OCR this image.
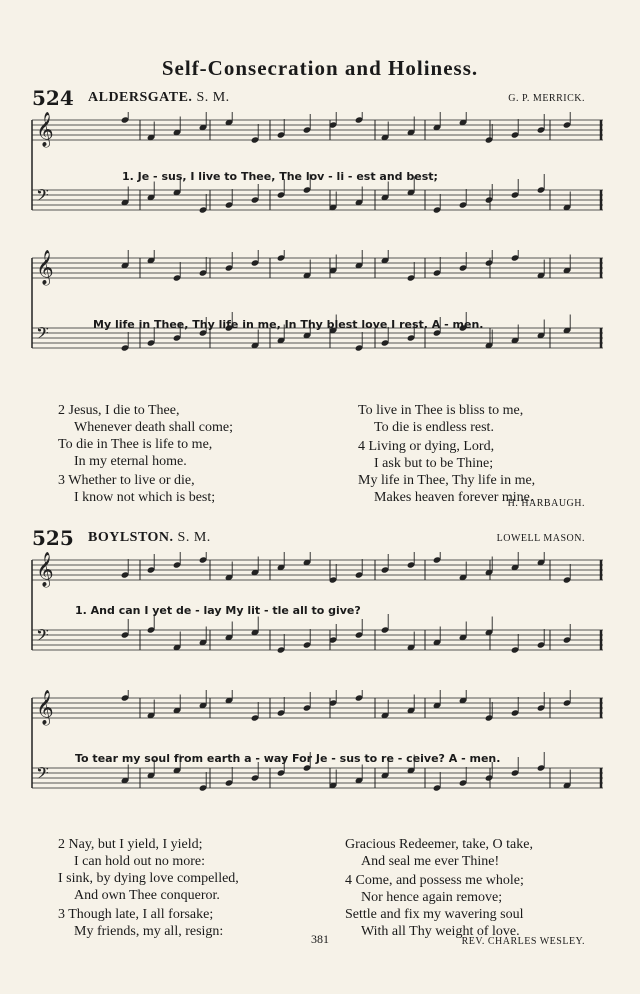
Self-Consecration and Holiness.
524 ALDERSGATE. S. M.	G. P. MERRICK.
𝄞
𝄢
1. Je - sus, I live to Thee, The lov - li - est and best;
𝄞
𝄢	My life in Thee, Thy life in me, In Thy blest love I rest. A - men.
2 Jesus, I die to Thee,
Whenever death shall come;
To die in Thee is life to me,
In my eternal home.
3 Whether to live or die,
I know not which is best;
To live in Thee is bliss to me,
To die is endless rest.
4 Living or dying, Lord,
I ask but to be Thine;
My life in Thee, Thy life in me,
Makes heaven forever mine.
H. HARBAUGH.
525 BOYLSTON. S. M.	LOWELL MASON.
𝄞
𝄢
1. And can I yet de - lay My lit - tle all to give?
𝄞
𝄢
To tear my soul from earth a - way For Je - sus to re - ceive? A - men.
2 Nay, but I yield, I yield;
I can hold out no more:
I sink, by dying love compelled,
And own Thee conqueror.
3 Though late, I all forsake;
My friends, my all, resign:
Gracious Redeemer, take, O take,
And seal me ever Thine!
4 Come, and possess me whole;
Nor hence again remove;
Settle and fix my wavering soul
With all Thy weight of love.
381	REV. CHARLES WESLEY.
